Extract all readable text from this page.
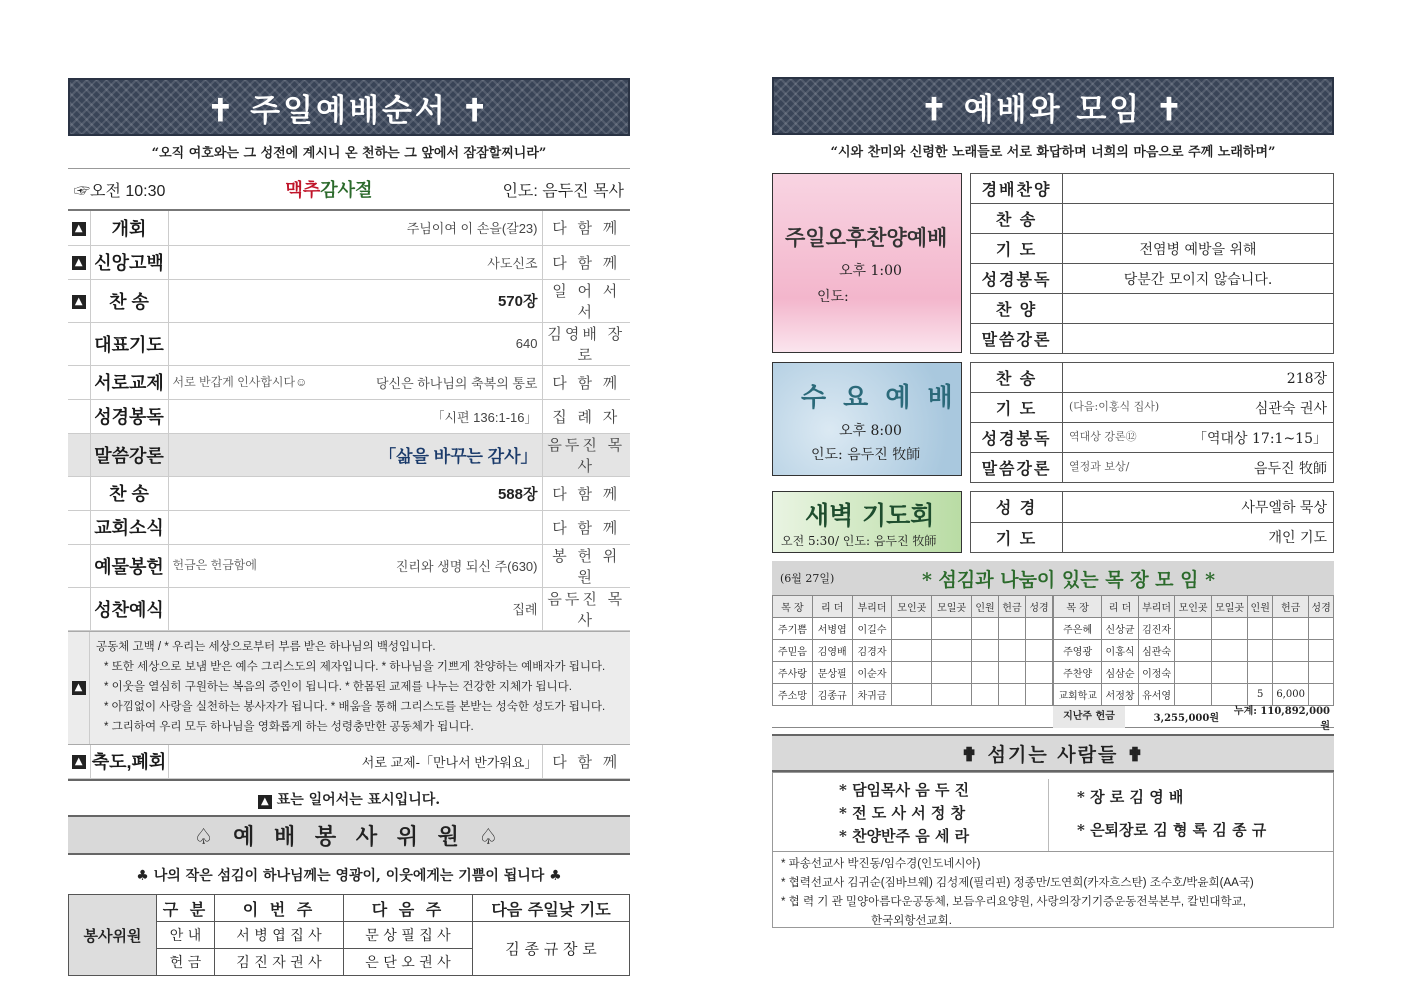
✝ 주일예배순서 ✝
“오직 여호와는 그 성전에 계시니 온 천하는 그 앞에서 잠잠할찌니라”
☞오전 10:30	맥추감사절	인도: 음두진 목사
▲	개회	주님이여 이 손을(갈23)	다 함 께
▲	신앙고백	사도신조	다 함 께
▲	찬 송	570장	일 어 서 서
	대표기도	640	김영배 장로
	서로교제	서로 반갑게 인사합시다☺ 당신은 하나님의 축복의 통로	다 함 께
	성경봉독	「시편 136:1-16」	집 례 자
	말씀강론	「삶을 바꾸는 감사」	음두진 목사
	찬 송	588장	다 함 께
	교회소식		다 함 께
	예물봉헌	헌금은 헌금함에 진리와 생명 되신 주(630)	봉 헌 위 원
	성찬예식	집례	음두진 목사
▲
공동체 고백 / * 우리는 세상으로부터 부름 받은 하나님의 백성입니다.
* 또한 세상으로 보냄 받은 예수 그리스도의 제자입니다. * 하나님을 기쁘게 찬양하는 예배자가 됩니다.
* 이웃을 열심히 구원하는 복음의 증인이 됩니다. * 한몸된 교제를 나누는 건강한 지체가 됩니다.
* 아낌없이 사랑을 실천하는 봉사자가 됩니다. * 배움을 통해 그리스도를 본받는 성숙한 성도가 됩니다.
* 그리하여 우리 모두 하나님을 영화롭게 하는 성령충만한 공동체가 됩니다.
▲	축도,폐회	서로 교제-「만나서 반가워요」	다 함 께
▲ 표는 일어서는 표시입니다.
♤ 예 배 봉 사 위 원 ♤
♣ 나의 작은 섬김이 하나님께는 영광이, 이웃에게는 기쁨이 됩니다 ♣
봉사위원	구 분	이 번 주	다 음 주	다음 주일낮 기도
	안 내	서 병 엽 집 사	문 상 필 집 사	김 종 규 장 로
	헌 금	김 진 자 권 사	은 단 오 권 사	
✝ 예배와 모임 ✝
“시와 찬미와 신령한 노래들로 서로 화답하며 너희의 마음으로 주께 노래하며”
주일오후찬양예배
오후 1:00
인도:
경배찬양	
찬 송	
기 도	전염병 예방을 위해
성경봉독	당분간 모이지 않습니다.
찬 양	
말씀강론	
수 요 예 배
오후 8:00
인도: 음두진 牧師
찬 송	218장

기 도	(다음:이홍식 집사) 심관숙 권사

성경봉독	역대상 강론⑫ 「역대상 17:1~15」

말씀강론	열정과 보상/ 음두진 牧師
새벽 기도회
오전 5:30/ 인도: 음두진 牧師
성 경	사무엘하 묵상
기 도	개인 기도
(6월 27일)	* 섬김과 나눔이 있는 목 장 모 임 *
목 장	리 더	부리더	모인곳	모일곳	인원	헌금	성경
주기쁨	서병엽	이길수					
주믿음	김영배	김경자					
주사랑	문상필	이순자					
주소망	김종규	차귀금					
목 장	리 더	부리더	모인곳	모일곳	인원	헌금	성경
주은혜	신상균	김진자					
주영광	이홍식	심관숙					
주찬양	심삼순	이정숙					
교회학교	서정창	유서영			5	6,000	
지난주 헌금	3,255,000원
누계: 110,892,000원
✟ 섬기는 사람들 ✟
* 담임목사 음 두 진
* 전 도 사 서 정 창
* 찬양반주 음 세 라
* 장 로 김 영 배
* 은퇴장로 김 형 록 김 종 규
* 파송선교사 박진동/임수경(인도네시아)
* 협력선교사 김귀순(짐바브웨) 김성제(필리핀) 정종만/도연희(카자흐스탄) 조수호/박윤희(AA국)
* 협 력 기 관 밀양아름다운공동체, 보듬우리요양원, 사랑의장기기증운동전북본부, 칼빈대학교,
한국외항선교회.
